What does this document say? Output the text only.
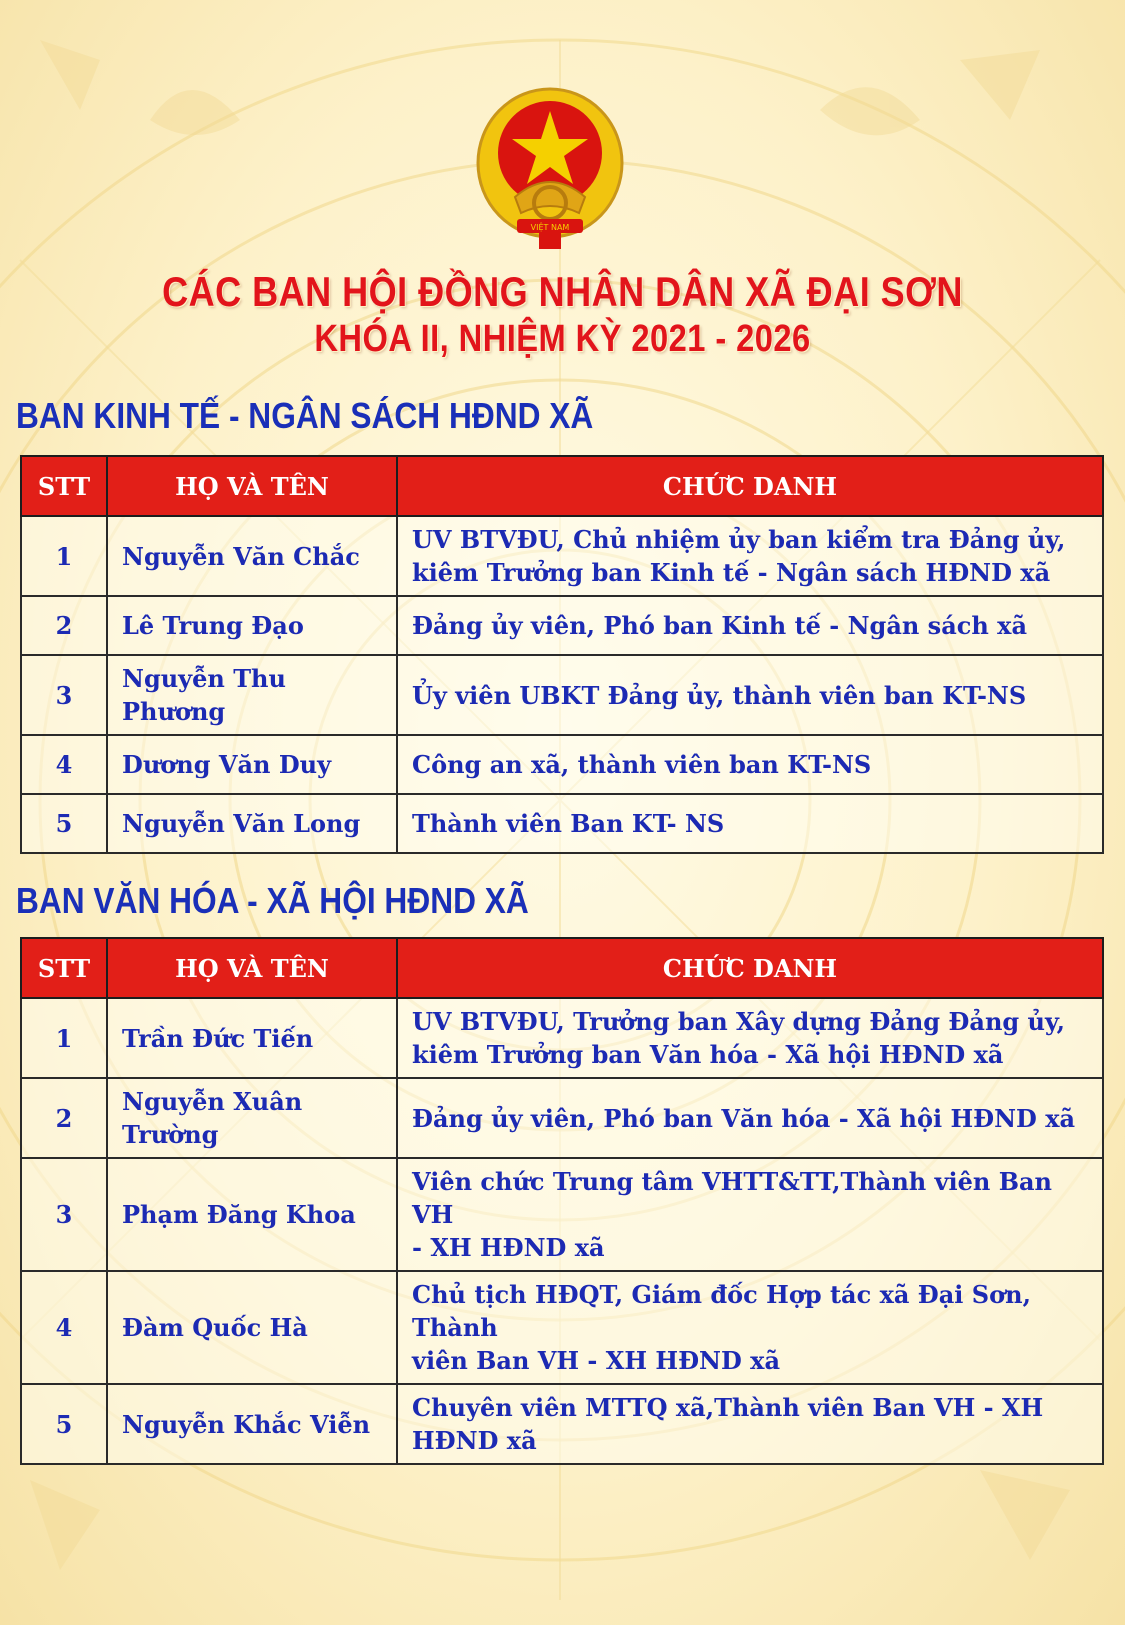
VIỆT NAM
CÁC BAN HỘI ĐỒNG NHÂN DÂN XÃ ĐẠI SƠN
KHÓA II, NHIỆM KỲ 2021 - 2026
BAN KINH TẾ - NGÂN SÁCH HĐND XÃ
STT	HỌ VÀ TÊN	CHỨC DANH
1	Nguyễn Văn Chắc	UV BTVĐU, Chủ nhiệm ủy ban kiểm tra Đảng ủy,
kiêm Trưởng ban Kinh tế - Ngân sách HĐND xã

2	Lê Trung Đạo	Đảng ủy viên, Phó ban Kinh tế - Ngân sách xã

3	Nguyễn Thu Phương	Ủy viên UBKT Đảng ủy, thành viên ban KT-NS

4	Dương Văn Duy	Công an xã, thành viên ban KT-NS

5	Nguyễn Văn Long	Thành viên Ban KT- NS
BAN VĂN HÓA - XÃ HỘI HĐND XÃ
STT	HỌ VÀ TÊN	CHỨC DANH
1	Trần Đức Tiến	UV BTVĐU, Trưởng ban Xây dựng Đảng Đảng ủy,
kiêm Trưởng ban Văn hóa - Xã hội HĐND xã

2	Nguyễn Xuân Trường	Đảng ủy viên, Phó ban Văn hóa - Xã hội HĐND xã

3	Phạm Đăng Khoa	Viên chức Trung tâm VHTT&TT,Thành viên Ban VH
- XH HĐND xã

4	Đàm Quốc Hà	Chủ tịch HĐQT, Giám đốc Hợp tác xã Đại Sơn, Thành
viên Ban VH - XH HĐND xã

5	Nguyễn Khắc Viễn	Chuyên viên MTTQ xã,Thành viên Ban VH - XH
HĐND xã
